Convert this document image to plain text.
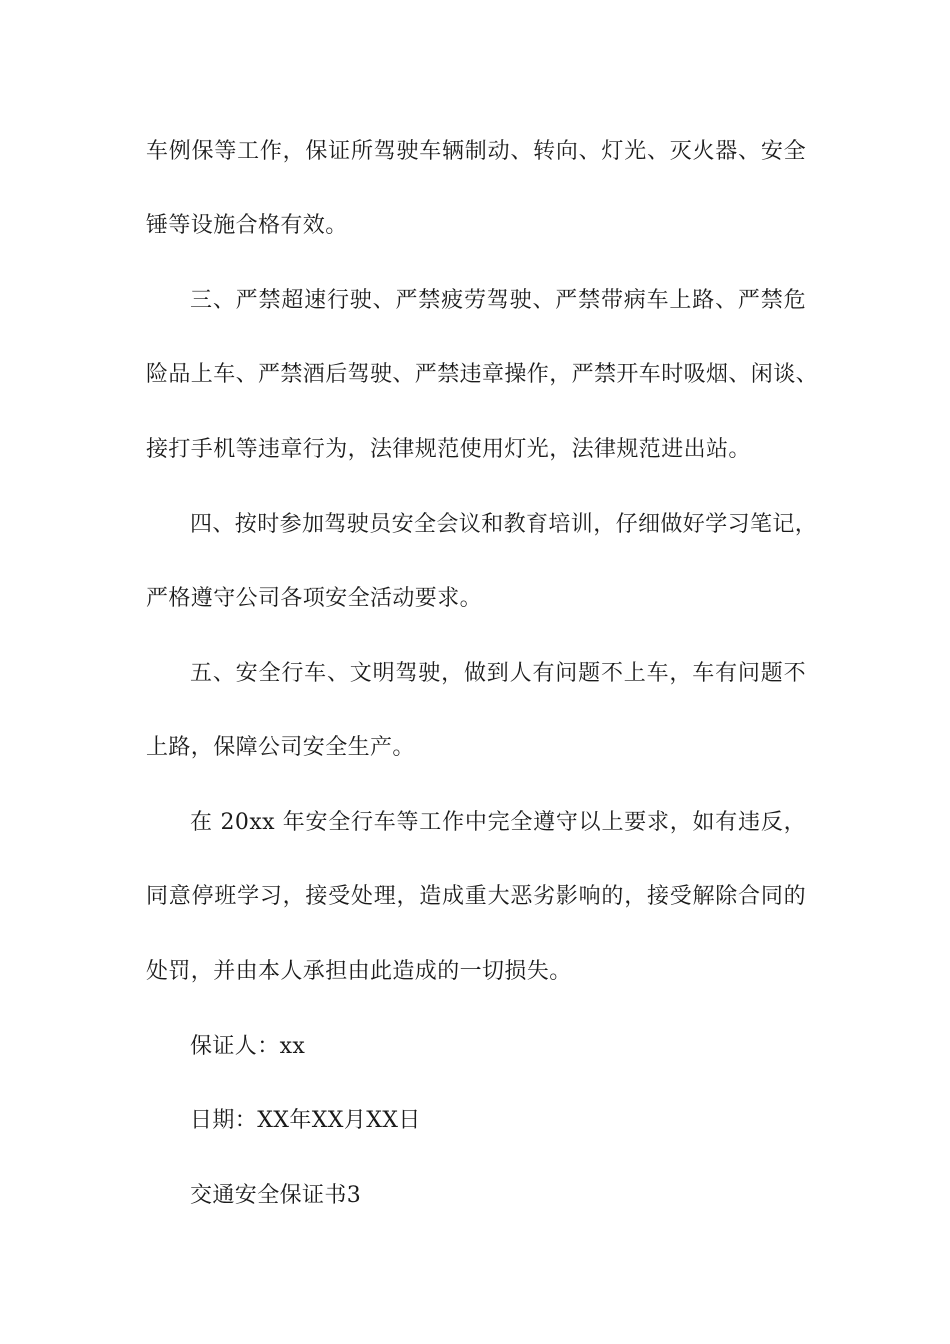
车例保等工作，保证所驾驶车辆制动、转向、灯光、灭火器、安全
锤等设施合格有效。
三、严禁超速行驶、严禁疲劳驾驶、严禁带病车上路、严禁危
险品上车、严禁酒后驾驶、严禁违章操作，严禁开车时吸烟、闲谈、
接打手机等违章行为，法律规范使用灯光，法律规范进出站。
四、按时参加驾驶员安全会议和教育培训，仔细做好学习笔记，
严格遵守公司各项安全活动要求。
五、安全行车、文明驾驶，做到人有问题不上车，车有问题不
上路，保障公司安全生产。
在 20xx 年安全行车等工作中完全遵守以上要求，如有违反，
同意停班学习，接受处理，造成重大恶劣影响的，接受解除合同的
处罚，并由本人承担由此造成的一切损失。
保证人：xx
日期：XX年XX月XX日
交通安全保证书3
